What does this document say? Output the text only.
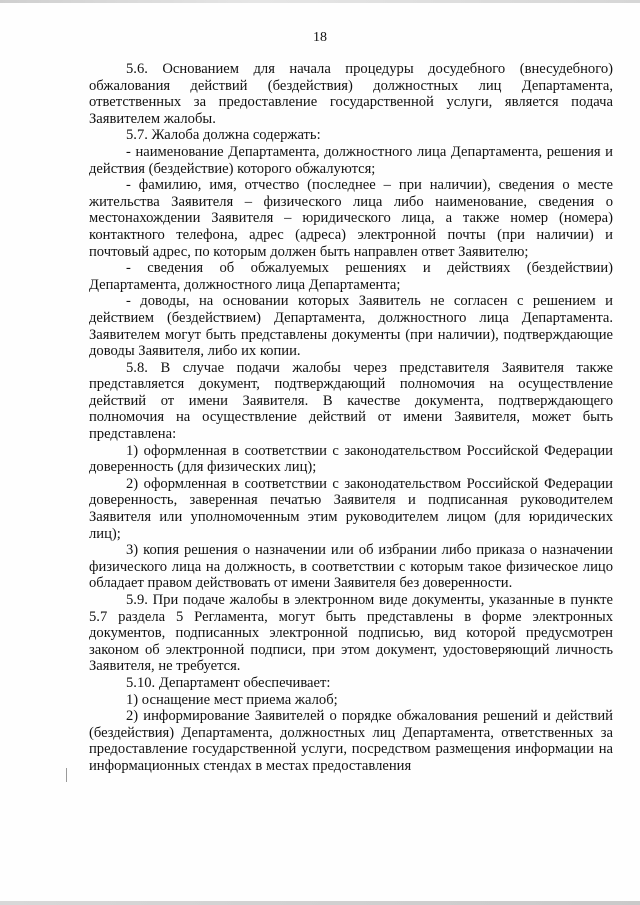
18

5.6. Основанием для начала процедуры досудебного (внесудебного) обжалования действий (бездействия) должностных лиц Департамента, ответственных за предоставление государственной услуги, является подача Заявителем жалобы.

5.7. Жалоба должна содержать:

- наименование Департамента, должностного лица Департамента, решения и действия (бездействие) которого обжалуются;

- фамилию, имя, отчество (последнее – при наличии), сведения о месте жительства Заявителя – физического лица либо наименование, сведения о местонахождении Заявителя – юридического лица, а также номер (номера) контактного телефона, адрес (адреса) электронной почты (при наличии) и почтовый адрес, по которым должен быть направлен ответ Заявителю;

- сведения об обжалуемых решениях и действиях (бездействии) Департамента, должностного лица Департамента;

- доводы, на основании которых Заявитель не согласен с решением и действием (бездействием) Департамента, должностного лица Департамента. Заявителем могут быть представлены документы (при наличии), подтверждающие доводы Заявителя, либо их копии.

5.8. В случае подачи жалобы через представителя Заявителя также представляется документ, подтверждающий полномочия на осуществление действий от имени Заявителя. В качестве документа, подтверждающего полномочия на осуществление действий от имени Заявителя, может быть представлена:

1) оформленная в соответствии с законодательством Российской Федерации доверенность (для физических лиц);

2) оформленная в соответствии с законодательством Российской Федерации доверенность, заверенная печатью Заявителя и подписанная руководителем Заявителя или уполномоченным этим руководителем лицом (для юридических лиц);

3) копия решения о назначении или об избрании либо приказа о назначении физического лица на должность, в соответствии с которым такое физическое лицо обладает правом действовать от имени Заявителя без доверенности.

5.9. При подаче жалобы в электронном виде документы, указанные в пункте 5.7 раздела 5 Регламента, могут быть представлены в форме электронных документов, подписанных электронной подписью, вид которой предусмотрен законом об электронной подписи, при этом документ, удостоверяющий личность Заявителя, не требуется.

5.10. Департамент обеспечивает:

1) оснащение мест приема жалоб;

2) информирование Заявителей о порядке обжалования решений и действий (бездействия) Департамента, должностных лиц Департамента, ответственных за предоставление государственной услуги, посредством размещения информации на информационных стендах в местах предоставления
